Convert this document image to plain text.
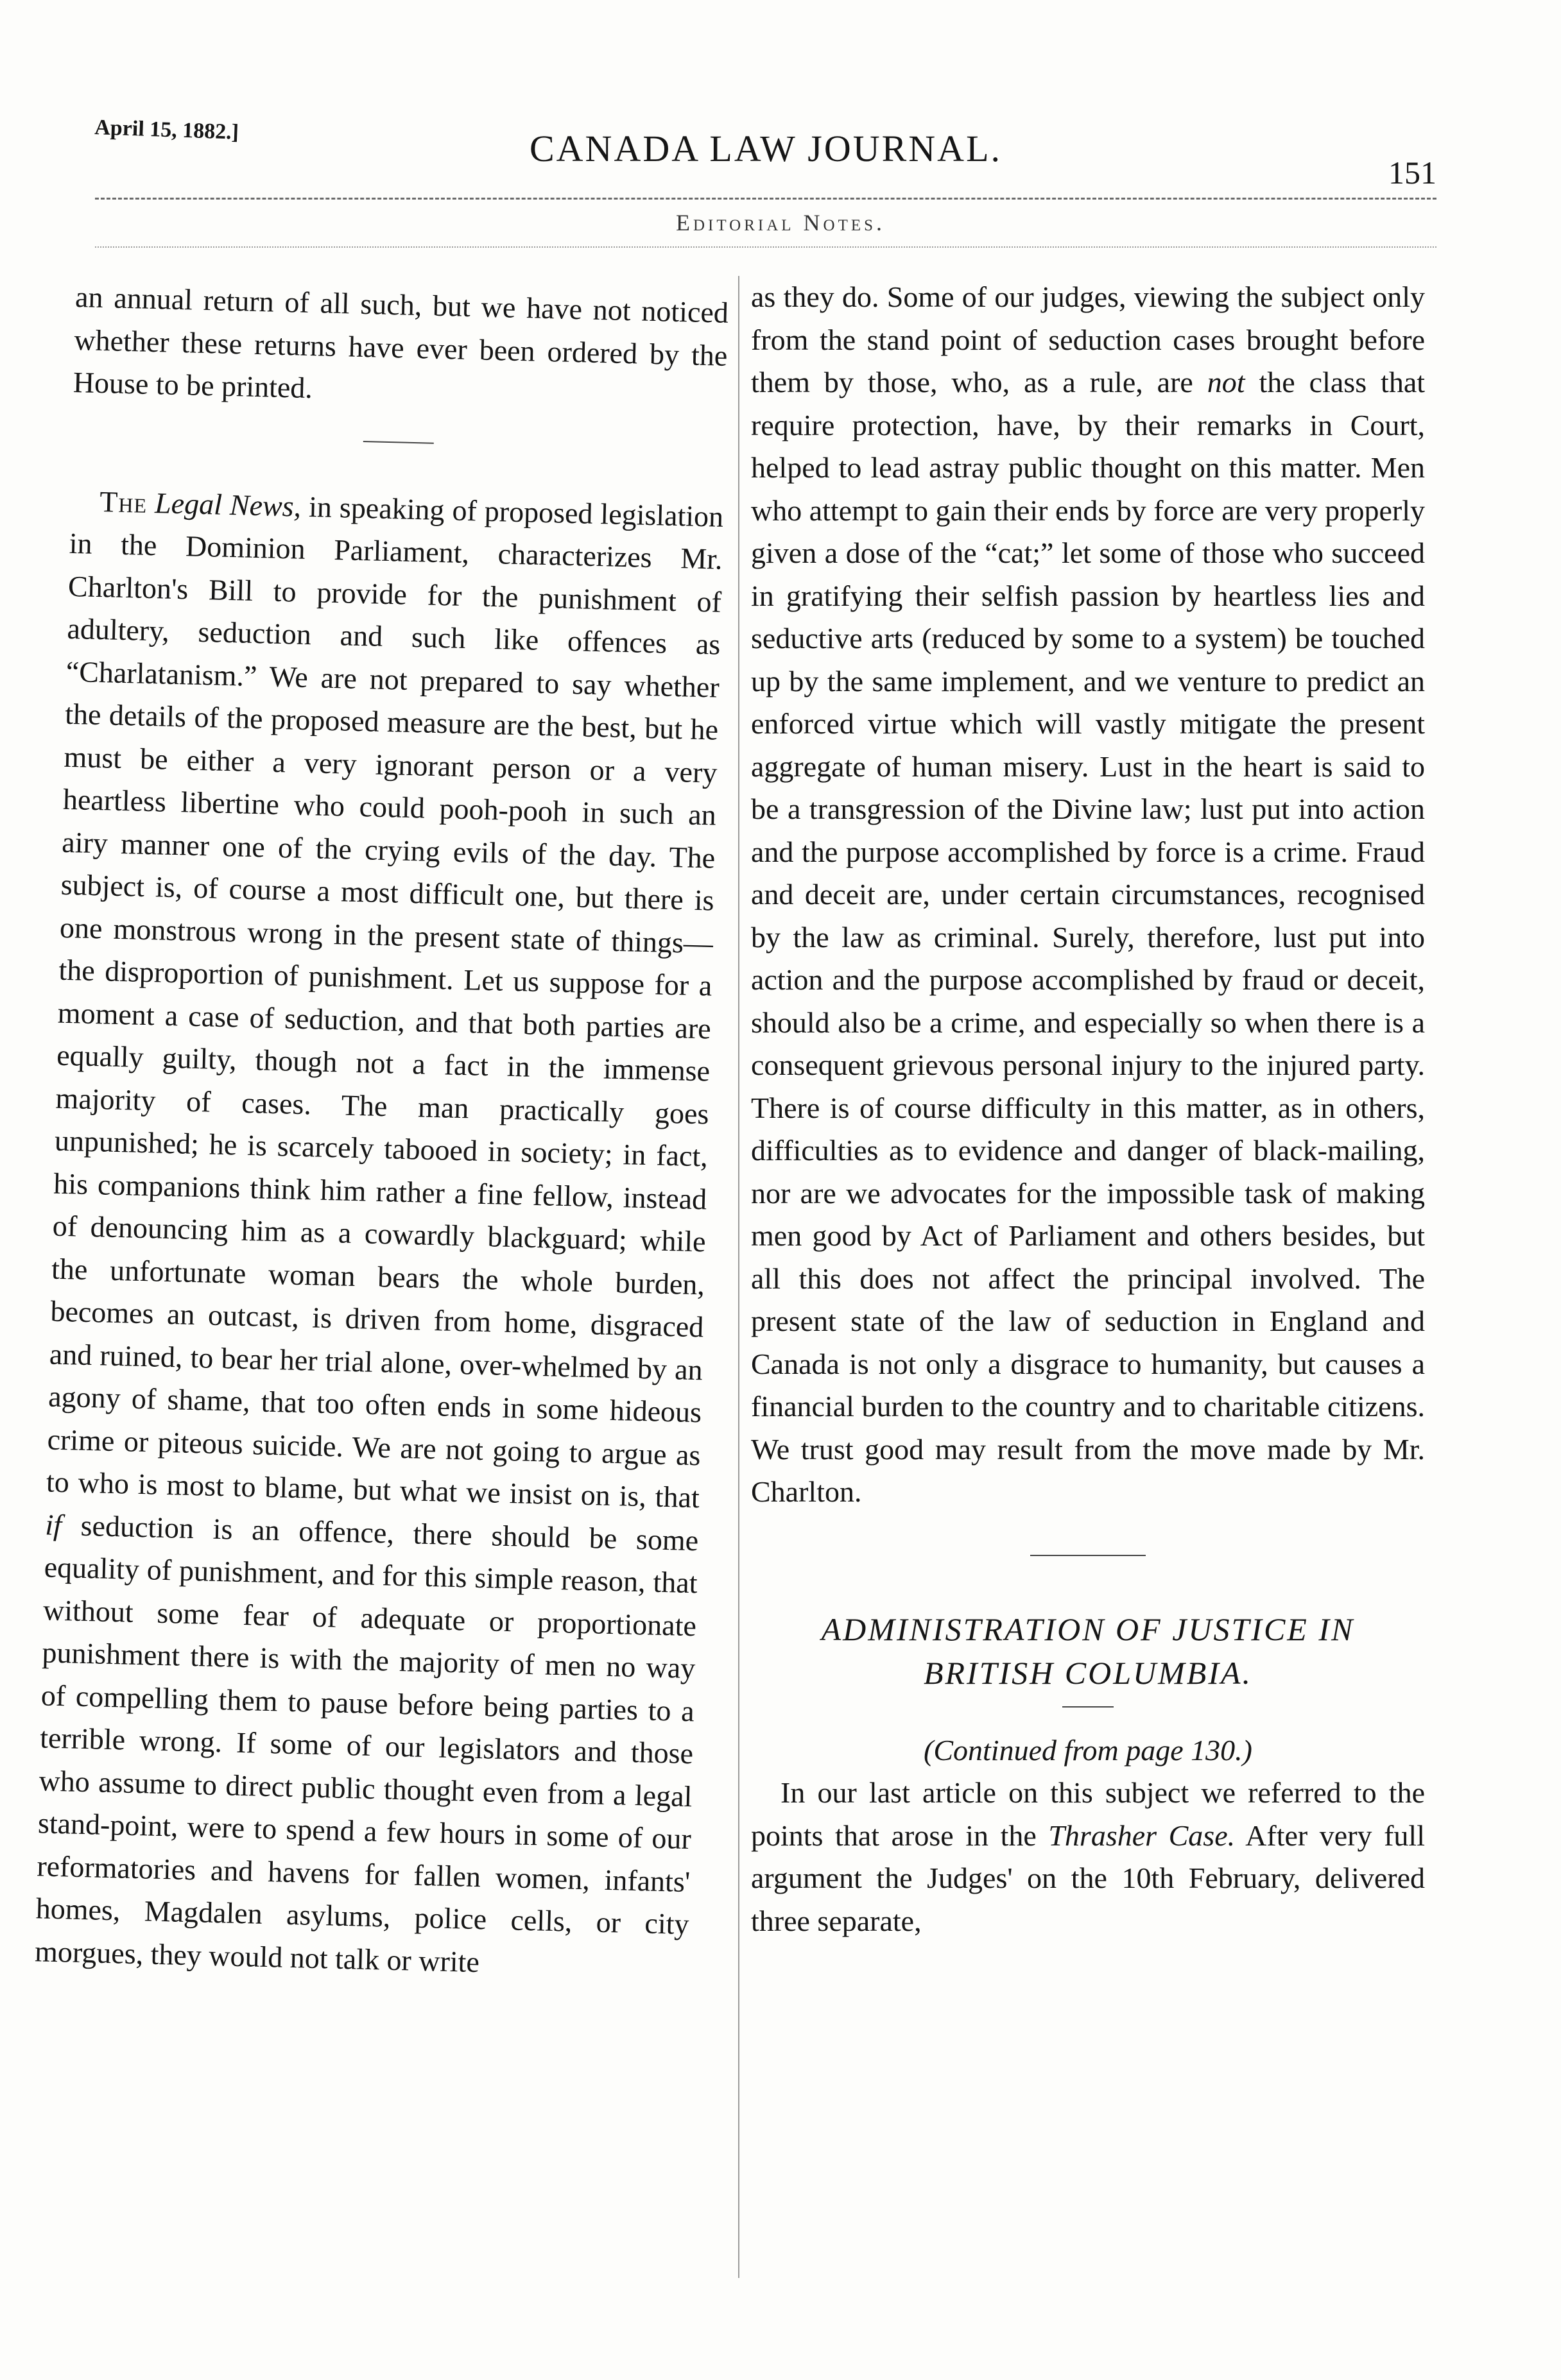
April 15, 1882.]	CANADA LAW JOURNAL.
151
Editorial Notes.

an annual return of all such, but we have not noticed whether these returns have ever been ordered by the House to be printed.

The Legal News, in speaking of proposed legislation in the Dominion Parliament, characterizes Mr. Charlton's Bill to provide for the punishment of adultery, seduction and such like offences as “Charlatanism.” We are not prepared to say whether the details of the proposed measure are the best, but he must be either a very ignorant person or a very heartless libertine who could pooh-pooh in such an airy manner one of the crying evils of the day. The subject is, of course a most difficult one, but there is one monstrous wrong in the present state of things—the disproportion of punishment. Let us suppose for a moment a case of seduction, and that both parties are equally guilty, though not a fact in the immense majority of cases. The man practically goes unpunished; he is scarcely tabooed in society; in fact, his companions think him rather a fine fellow, instead of denouncing him as a cowardly blackguard; while the unfortunate woman bears the whole burden, becomes an outcast, is driven from home, disgraced and ruined, to bear her trial alone, over-whelmed by an agony of shame, that too often ends in some hideous crime or piteous suicide. We are not going to argue as to who is most to blame, but what we insist on is, that if seduction is an offence, there should be some equality of punishment, and for this simple reason, that without some fear of adequate or proportionate punishment there is with the majority of men no way of compelling them to pause before being parties to a terrible wrong. If some of our legislators and those who assume to direct public thought even from a legal stand-point, were to spend a few hours in some of our reformatories and havens for fallen women, infants' homes, Magdalen asylums, police cells, or city morgues, they would not talk or write

as they do. Some of our judges, viewing the subject only from the stand point of seduction cases brought before them by those, who, as a rule, are not the class that require protection, have, by their remarks in Court, helped to lead astray public thought on this matter. Men who attempt to gain their ends by force are very properly given a dose of the “cat;” let some of those who succeed in gratifying their selfish passion by heartless lies and seductive arts (reduced by some to a system) be touched up by the same implement, and we venture to predict an enforced virtue which will vastly mitigate the present aggregate of human misery. Lust in the heart is said to be a transgression of the Divine law; lust put into action and the purpose accomplished by force is a crime. Fraud and deceit are, under certain circumstances, recognised by the law as criminal. Surely, therefore, lust put into action and the purpose accomplished by fraud or deceit, should also be a crime, and especially so when there is a consequent grievous personal injury to the injured party. There is of course difficulty in this matter, as in others, difficulties as to evidence and danger of black-mailing, nor are we advocates for the impossible task of making men good by Act of Parliament and others besides, but all this does not affect the principal involved. The present state of the law of seduction in England and Canada is not only a disgrace to humanity, but causes a financial burden to the country and to charitable citizens. We trust good may result from the move made by Mr. Charlton.

ADMINISTRATION OF JUSTICE IN
BRITISH COLUMBIA.

(Continued from page 130.)

In our last article on this subject we referred to the points that arose in the Thrasher Case. After very full argument the Judges' on the 10th February, delivered three separate,
